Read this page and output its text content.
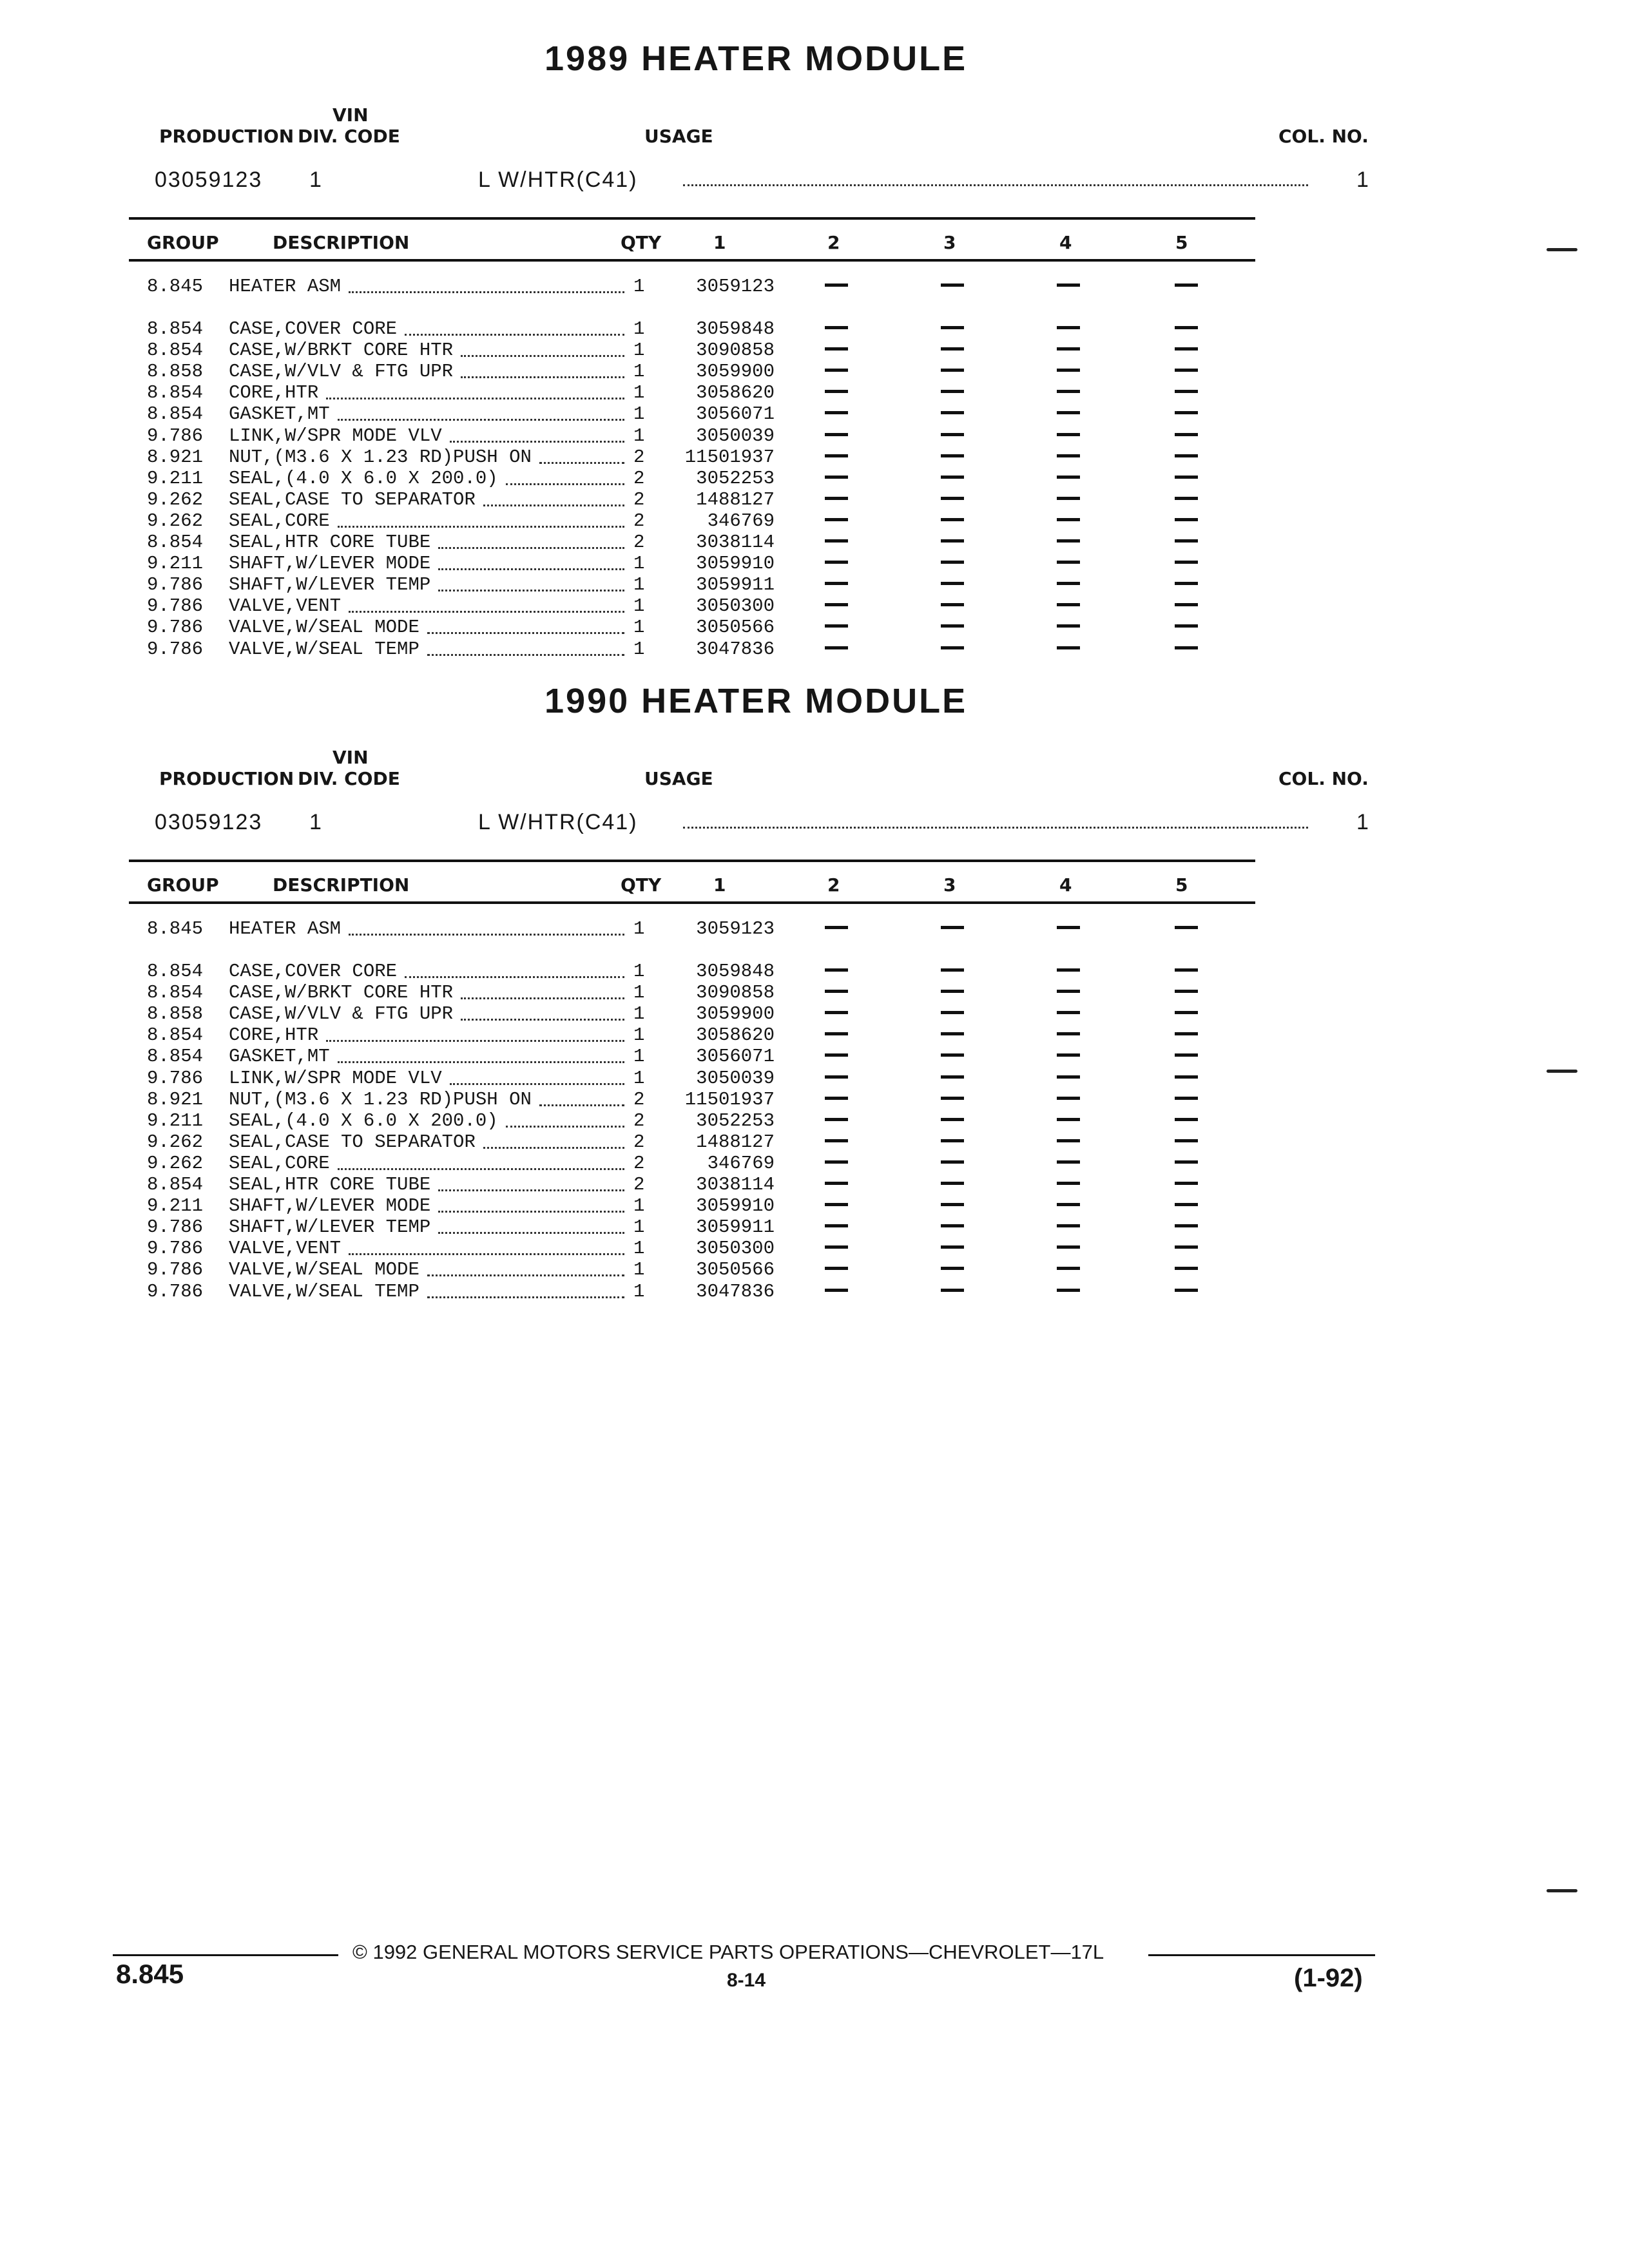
1989 HEATER MODULE
VIN
PRODUCTION DIV. CODE	USAGE	COL. NO.
03059123 1	L W/HTR(C41)	1
GROUP	DESCRIPTION	QTY	1	2	3	4	5
8.845 HEATER ASM	1	3059123
8.854 CASE,COVER CORE	1	3059848
8.854 CASE,W/BRKT CORE HTR	1	3090858
8.858 CASE,W/VLV & FTG UPR	1	3059900
8.854 CORE,HTR	1	3058620
8.854 GASKET,MT	1	3056071
9.786 LINK,W/SPR MODE VLV	1	3050039
8.921 NUT,(M3.6 X 1.23 RD)PUSH ON	2 11501937
9.211 SEAL,(4.0 X 6.0 X 200.0)	2	3052253
9.262 SEAL,CASE TO SEPARATOR	2	1488127
9.262 SEAL,CORE	2	346769
8.854 SEAL,HTR CORE TUBE	2	3038114
9.211 SHAFT,W/LEVER MODE	1	3059910
9.786 SHAFT,W/LEVER TEMP	1	3059911
9.786 VALVE,VENT	1	3050300
9.786 VALVE,W/SEAL MODE	1	3050566
9.786 VALVE,W/SEAL TEMP	1	3047836
1990 HEATER MODULE
VIN
PRODUCTION DIV. CODE	USAGE	COL. NO.
03059123 1	L W/HTR(C41)	1
GROUP	DESCRIPTION	QTY	1	2	3	4	5
8.845 HEATER ASM	1	3059123
8.854 CASE,COVER CORE	1	3059848
8.854 CASE,W/BRKT CORE HTR	1	3090858
8.858 CASE,W/VLV & FTG UPR	1	3059900
8.854 CORE,HTR	1	3058620
8.854 GASKET,MT	1	3056071
9.786 LINK,W/SPR MODE VLV	1	3050039
8.921 NUT,(M3.6 X 1.23 RD)PUSH ON	2 11501937
9.211 SEAL,(4.0 X 6.0 X 200.0)	2	3052253
9.262 SEAL,CASE TO SEPARATOR	2	1488127
9.262 SEAL,CORE	2	346769
8.854 SEAL,HTR CORE TUBE	2	3038114
9.211 SHAFT,W/LEVER MODE	1	3059910
9.786 SHAFT,W/LEVER TEMP	1	3059911
9.786 VALVE,VENT	1	3050300
9.786 VALVE,W/SEAL MODE	1	3050566
9.786 VALVE,W/SEAL TEMP	1	3047836
© 1992 GENERAL MOTORS SERVICE PARTS OPERATIONS—CHEVROLET—17L
8.845	8-14	(1-92)
